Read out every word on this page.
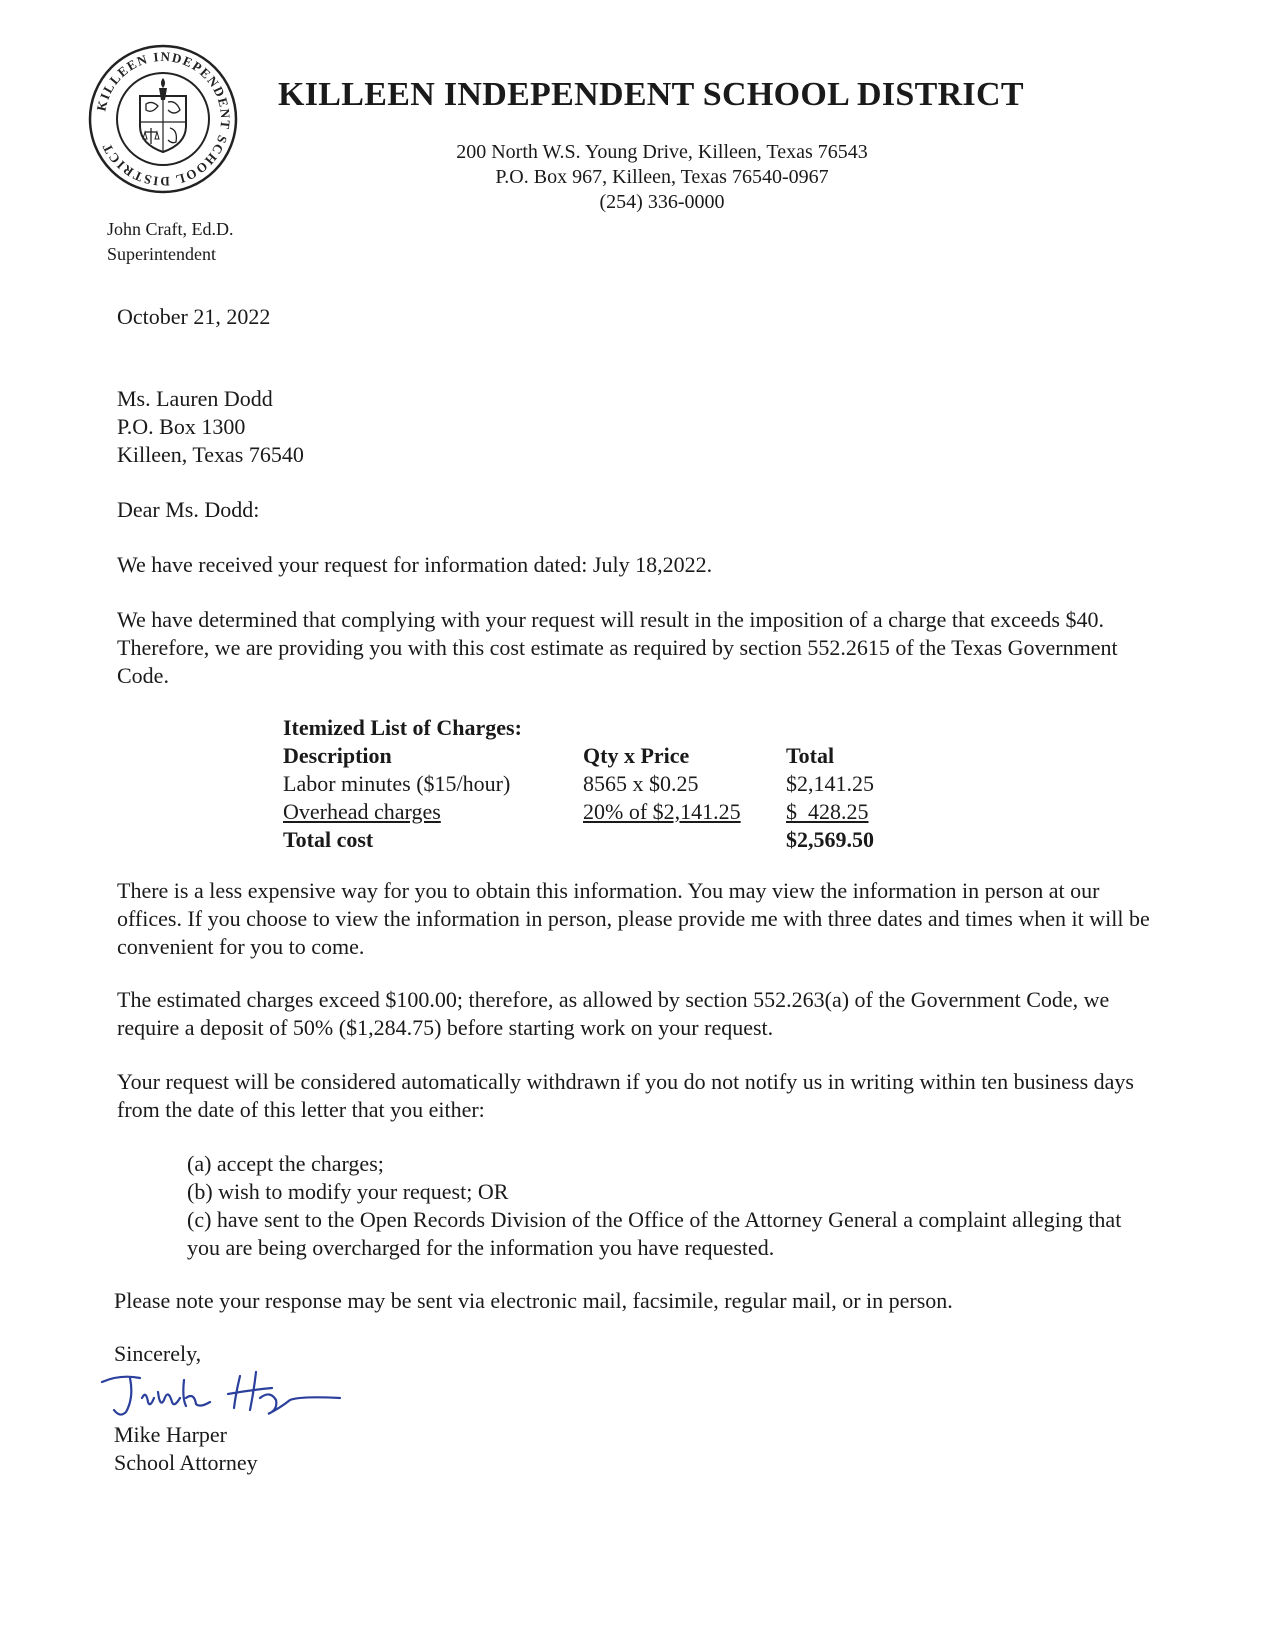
KILLEEN INDEPENDENT SCHOOL DISTRICT
KILLEEN INDEPENDENT SCHOOL DISTRICT
200 North W.S. Young Drive, Killeen, Texas 76543
P.O. Box 967, Killeen, Texas 76540-0967
(254) 336-0000
John Craft, Ed.D.
Superintendent
October 21, 2022
Ms. Lauren Dodd
P.O. Box 1300
Killeen, Texas 76540
Dear Ms. Dodd:

We have received your request for information dated: July 18,2022.

We have determined that complying with your request will result in the imposition of a charge that exceeds $40. Therefore, we are providing you with this cost estimate as required by section 552.2615 of the Texas Government Code.

Itemized List of Charges:		
Description	Qty x Price	Total
Labor minutes ($15/hour)	8565 x $0.25	$2,141.25
Overhead charges	20% of $2,141.25	$  428.25
Total cost		$2,569.50

There is a less expensive way for you to obtain this information. You may view the information in person at our offices. If you choose to view the information in person, please provide me with three dates and times when it will be convenient for you to come.

The estimated charges exceed $100.00; therefore, as allowed by section 552.263(a) of the Government Code, we require a deposit of 50% ($1,284.75) before starting work on your request.

Your request will be considered automatically withdrawn if you do not notify us in writing within ten business days from the date of this letter that you either:

(a) accept the charges;
(b) wish to modify your request; OR
(c) have sent to the Open Records Division of the Office of the Attorney General a complaint alleging that you are being overcharged for the information you have requested.

Please note your response may be sent via electronic mail, facsimile, regular mail, or in person.

Sincerely,
Mike Harper
School Attorney
